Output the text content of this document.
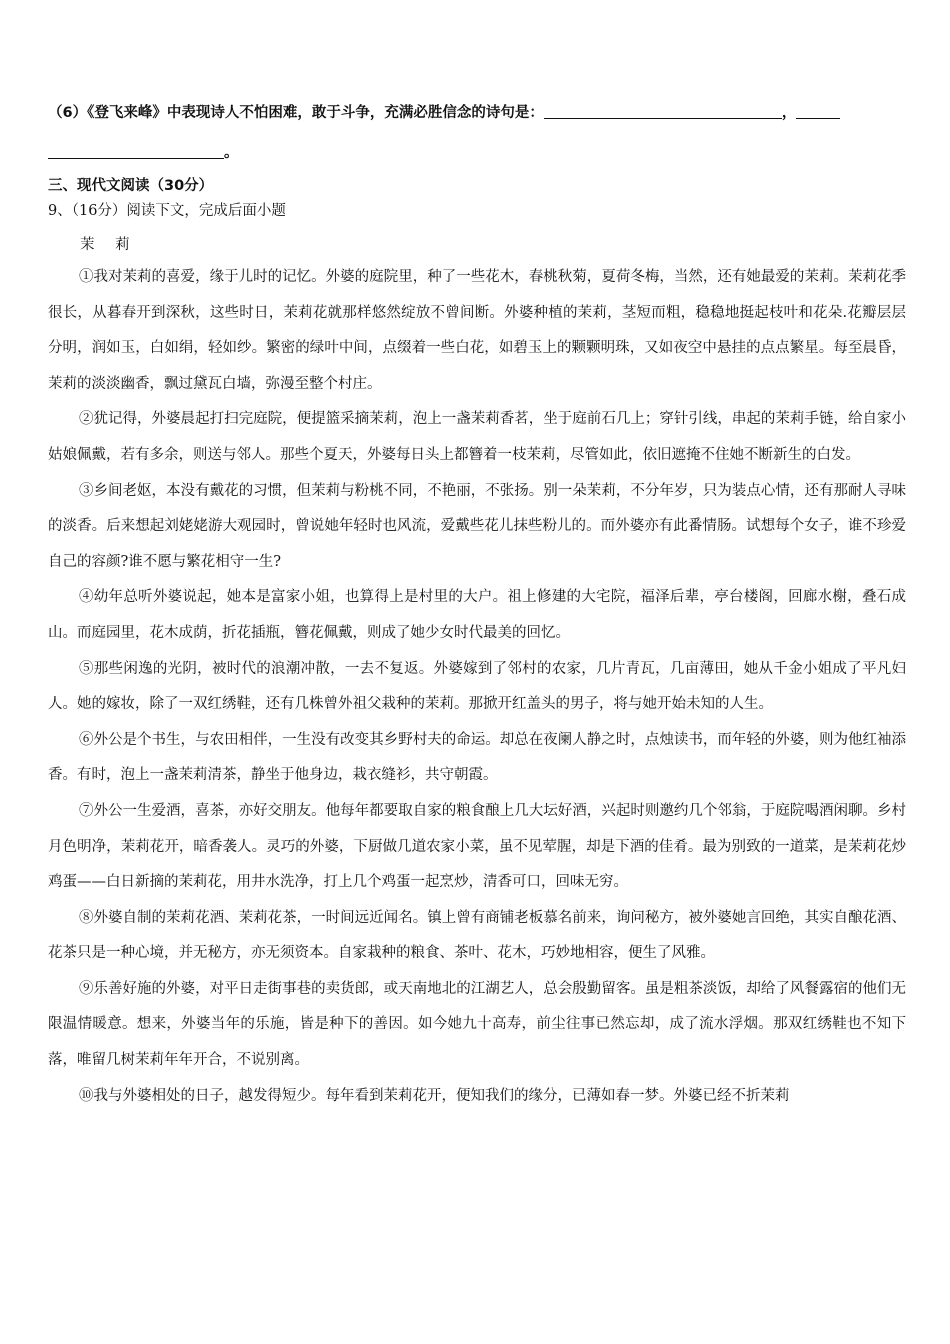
（6）《登飞来峰》中表现诗人不怕困难，敢于斗争，充满必胜信念的诗句是：	，
。
三、现代文阅读（30分）
9、（16分）阅读下文，完成后面小题
茉 莉

①我对茉莉的喜爱，缘于儿时的记忆。外婆的庭院里，种了一些花木，春桃秋菊，夏荷冬梅，当然，还有她最爱的茉莉。茉莉花季很长，从暮春开到深秋，这些时日，茉莉花就那样悠然绽放不曾间断。外婆种植的茉莉，茎短而粗，稳稳地挺起枝叶和花朵.花瓣层层分明，润如玉，白如绢，轻如纱。繁密的绿叶中间，点缀着一些白花，如碧玉上的颗颗明珠，又如夜空中悬挂的点点繁星。每至晨昏，茉莉的淡淡幽香，飘过黛瓦白墙，弥漫至整个村庄。

②犹记得，外婆晨起打扫完庭院，便提篮采摘茉莉，泡上一盏茉莉香茗，坐于庭前石几上；穿针引线，串起的茉莉手链，给自家小姑娘佩戴，若有多余，则送与邻人。那些个夏天，外婆每日头上都簪着一枝茉莉，尽管如此，依旧遮掩不住她不断新生的白发。

③乡间老妪，本没有戴花的习惯，但茉莉与粉桃不同，不艳丽，不张扬。别一朵茉莉，不分年岁，只为装点心情，还有那耐人寻味的淡香。后来想起刘姥姥游大观园时，曾说她年轻时也风流，爱戴些花儿抹些粉儿的。而外婆亦有此番情肠。试想每个女子，谁不珍爱自己的容颜?谁不愿与繁花相守一生?

④幼年总听外婆说起，她本是富家小姐，也算得上是村里的大户。祖上修建的大宅院，福泽后辈，亭台楼阁，回廊水榭，叠石成山。而庭园里，花木成荫，折花插瓶，簪花佩戴，则成了她少女时代最美的回忆。

⑤那些闲逸的光阴，被时代的浪潮冲散，一去不复返。外婆嫁到了邻村的农家，几片青瓦，几亩薄田，她从千金小姐成了平凡妇人。她的嫁妆，除了一双红绣鞋，还有几株曾外祖父栽种的茉莉。那掀开红盖头的男子，将与她开始未知的人生。

⑥外公是个书生，与农田相伴，一生没有改变其乡野村夫的命运。却总在夜阑人静之时，点烛读书，而年轻的外婆，则为他红袖添香。有时，泡上一盏茉莉清茶，静坐于他身边，栽衣缝衫，共守朝霞。

⑦外公一生爱酒，喜茶，亦好交朋友。他每年都要取自家的粮食酿上几大坛好酒，兴起时则邀约几个邻翁，于庭院喝酒闲聊。乡村月色明净，茉莉花开，暗香袭人。灵巧的外婆，下厨做几道农家小菜，虽不见荤腥，却是下酒的佳肴。最为别致的一道菜，是茉莉花炒鸡蛋——白日新摘的茉莉花，用井水洗净，打上几个鸡蛋一起烹炒，清香可口，回味无穷。

⑧外婆自制的茉莉花酒、茉莉花茶，一时间远近闻名。镇上曾有商铺老板慕名前来，询问秘方，被外婆她言回绝，其实自酿花酒、花茶只是一种心境，并无秘方，亦无须资本。自家栽种的粮食、茶叶、花木，巧妙地相容，便生了风雅。

⑨乐善好施的外婆，对平日走街事巷的卖货郎，或天南地北的江湖艺人，总会殷勤留客。虽是粗茶淡饭，却给了风餐露宿的他们无限温情暖意。想来，外婆当年的乐施，皆是种下的善因。如今她九十高寿，前尘往事已然忘却，成了流水浮烟。那双红绣鞋也不知下落，唯留几树茉莉年年开合，不说别离。

⑩我与外婆相处的日子，越发得短少。每年看到茉莉花开，便知我们的缘分，已薄如春一梦。外婆已经不折茉莉
